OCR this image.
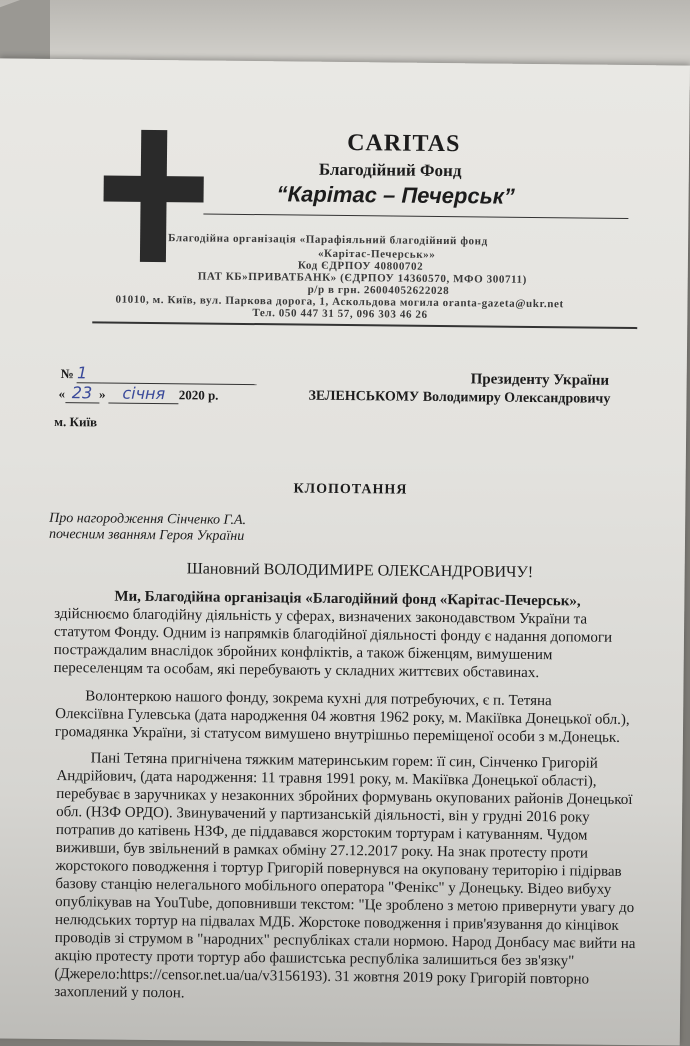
CARITAS
Благодійний Фонд
“Карітас – Печерськ”
Благодійна організація «Парафіяльний благодійний фонд
«Карітас-Печерськ»»
Код ЄДРПОУ 40800702
ПАТ КБ»ПРИВАТБАНК» (ЄДРПОУ 14360570, МФО 300711)
р/р в грн. 26004052622028
01010, м. Київ, вул. Паркова дорога, 1, Аскольдова могила oranta-gazeta@ukr.net
Тел. 050 447 31 57, 096 303 46 26
№ 1
« 23 » січня 2020 р.
м. Київ
Президенту України
ЗЕЛЕНСЬКОМУ Володимиру Олександровичу
КЛОПОТАННЯ
Про нагородження Сінченко Г.А.
почесним званням Героя України
Шановний ВОЛОДИМИРЕ ОЛЕКСАНДРОВИЧУ!
Ми, Благодійна організація «Благодійний фонд «Карітас-Печерськ»,
здійснюємо благодійну діяльність у сферах, визначених законодавством України та
статутом Фонду. Одним із напрямків благодійної діяльності фонду є надання допомоги
постраждалим внаслідок збройних конфліктів, а також біженцям, вимушеним
переселенцям та особам, які перебувають у складних життєвих обставинах.
Волонтеркою нашого фонду, зокрема кухні для потребуючих, є п. Тетяна
Олексіївна Гулевська (дата народження 04 жовтня 1962 року, м. Макіївка Донецької обл.),
громадянка України, зі статусом вимушено внутрішньо переміщеної особи з м.Донецьк.
Пані Тетяна пригнічена тяжким материнським горем: її син, Сінченко Григорій
Андрійович, (дата народження: 11 травня 1991 року, м. Макіївка Донецької області),
перебуває в заручниках у незаконних збройних формувань окупованих районів Донецької
обл. (НЗФ ОРДО). Звинувачений у партизанській діяльності, він у грудні 2016 року
потрапив до катівень НЗФ, де піддавався жорстоким тортурам і катуванням. Чудом
виживши, був звільнений в рамках обміну 27.12.2017 року. На знак протесту проти
жорстокого поводження і тортур Григорій повернувся на окуповану територію і підірвав
базову станцію нелегального мобільного оператора "Фенікс" у Донецьку. Відео вибуху
опублікував на YouTube, доповнивши текстом: "Це зроблено з метою привернути увагу до
нелюдських тортур на підвалах МДБ. Жорстоке поводження і прив'язування до кінцівок
проводів зі струмом в "народних" республіках стали нормою. Народ Донбасу має вийти на
акцію протесту проти тортур або фашистська республіка залишиться без зв'язку"
(Джерело:https://censor.net.ua/ua/v3156193). 31 жовтня 2019 року Григорій повторно
захоплений у полон.
